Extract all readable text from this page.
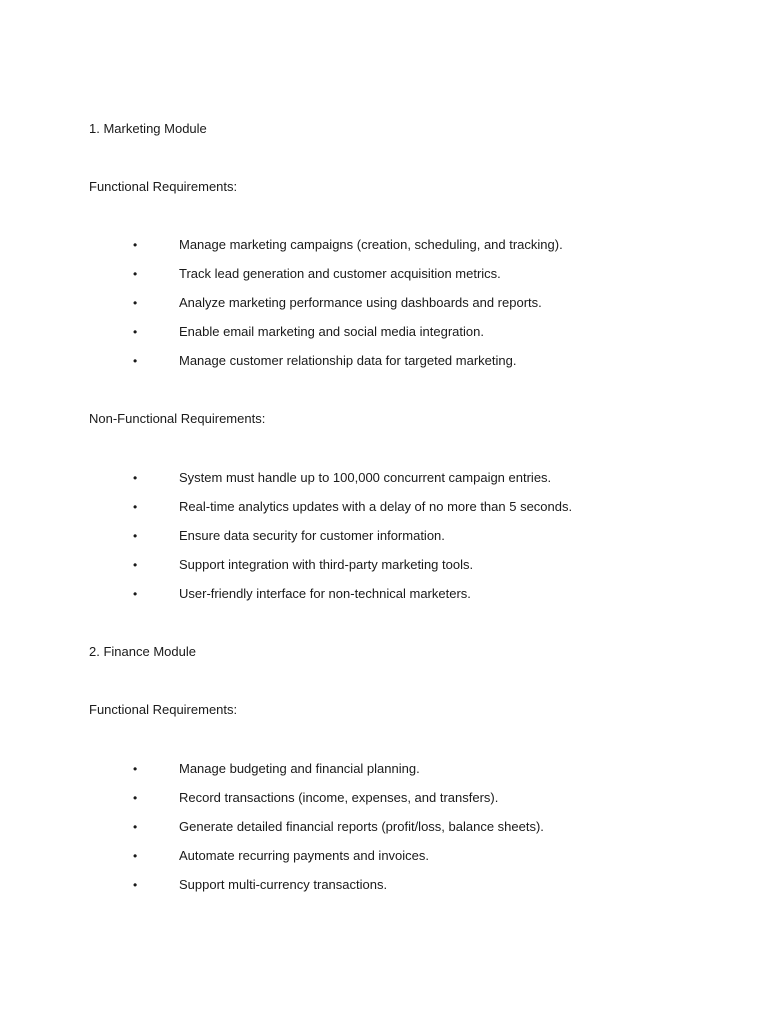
1. Marketing Module
Functional Requirements:
•	Manage marketing campaigns (creation, scheduling, and tracking).
•	Track lead generation and customer acquisition metrics.
•	Analyze marketing performance using dashboards and reports.
•	Enable email marketing and social media integration.
•	Manage customer relationship data for targeted marketing.
Non-Functional Requirements:
•	System must handle up to 100,000 concurrent campaign entries.
•	Real-time analytics updates with a delay of no more than 5 seconds.
•	Ensure data security for customer information.
•	Support integration with third-party marketing tools.
•	User-friendly interface for non-technical marketers.
2. Finance Module
Functional Requirements:
•	Manage budgeting and financial planning.
•	Record transactions (income, expenses, and transfers).
•	Generate detailed financial reports (profit/loss, balance sheets).
•	Automate recurring payments and invoices.
•	Support multi-currency transactions.
